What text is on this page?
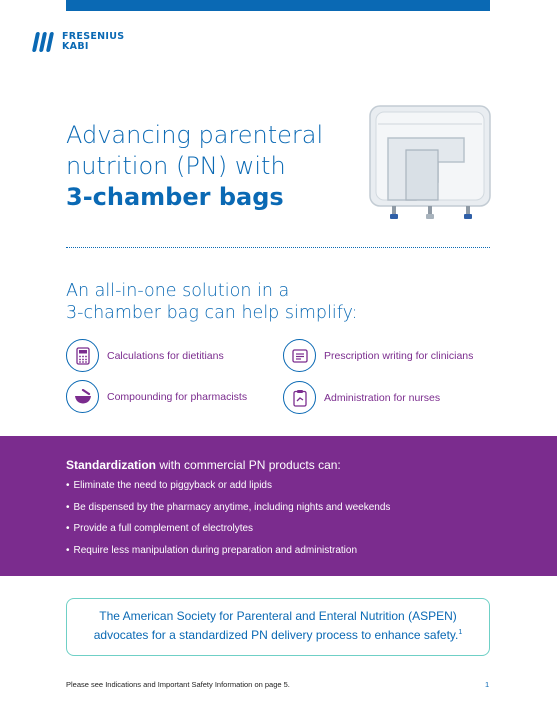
FRESENIUS
KABI
Advancing parenteral
nutrition (PN) with
3-chamber bags
An all-in-one solution in a
3-chamber bag can help simplify:
Calculations for dietitians	Prescription writing for clinicians
Compounding for pharmacists	Administration for nurses
Standardization with commercial PN products can:
• Eliminate the need to piggyback or add lipids
• Be dispensed by the pharmacy anytime, including nights and weekends
• Provide a full complement of electrolytes
• Require less manipulation during preparation and administration
The American Society for Parenteral and Enteral Nutrition (ASPEN)
advocates for a standardized PN delivery process to enhance safety.$^1$
Please see Indications and Important Safety Information on page 5.	1
